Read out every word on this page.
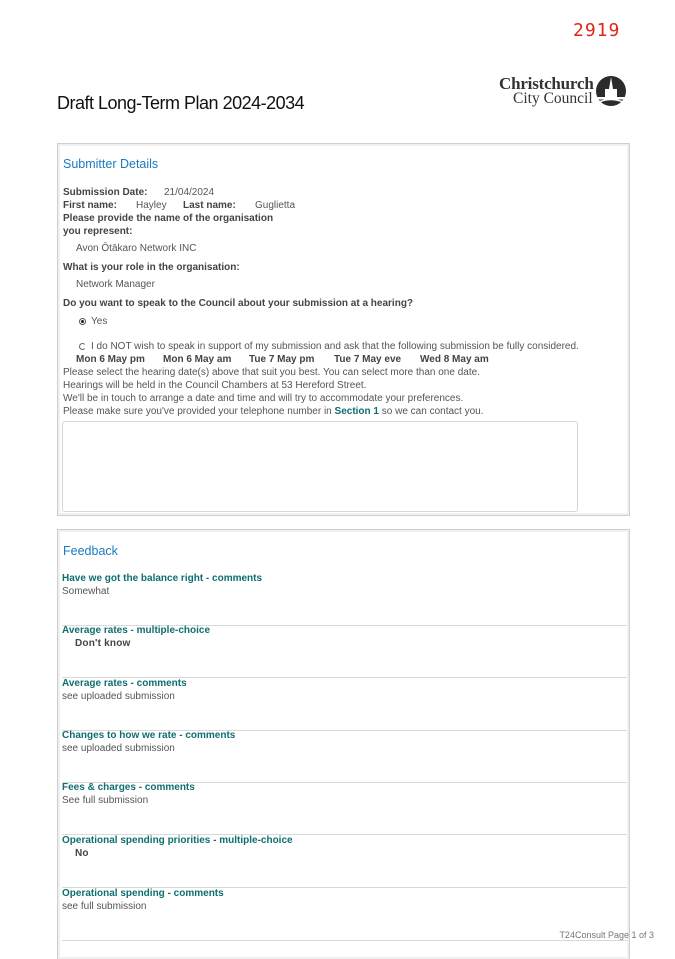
2919
Christchurch
City Council
Draft Long-Term Plan 2024-2034
Submitter Details
Submission Date: 21/04/2024
First name: Hayley Last name: Guglietta
Please provide the name of the organisation
you represent:
Avon Ōtākaro Network INC
What is your role in the organisation:
Network Manager
Do you want to speak to the Council about your submission at a hearing?
Yes
I do NOT wish to speak in support of my submission and ask that the following submission be fully considered.
Mon 6 May pm Mon 6 May am Tue 7 May pm Tue 7 May eve Wed 8 May am
Please select the hearing date(s) above that suit you best. You can select more than one date.
Hearings will be held in the Council Chambers at 53 Hereford Street.
We'll be in touch to arrange a date and time and will try to accommodate your preferences.
Please make sure you've provided your telephone number in Section 1 so we can contact you.
Feedback
Have we got the balance right - comments
Somewhat
Average rates - multiple-choice
Don't know
Average rates - comments
see uploaded submission
Changes to how we rate - comments
see uploaded submission
Fees & charges - comments
See full submission
Operational spending priorities - multiple-choice
No
Operational spending - comments
see full submission
T24Consult Page 1 of 3
